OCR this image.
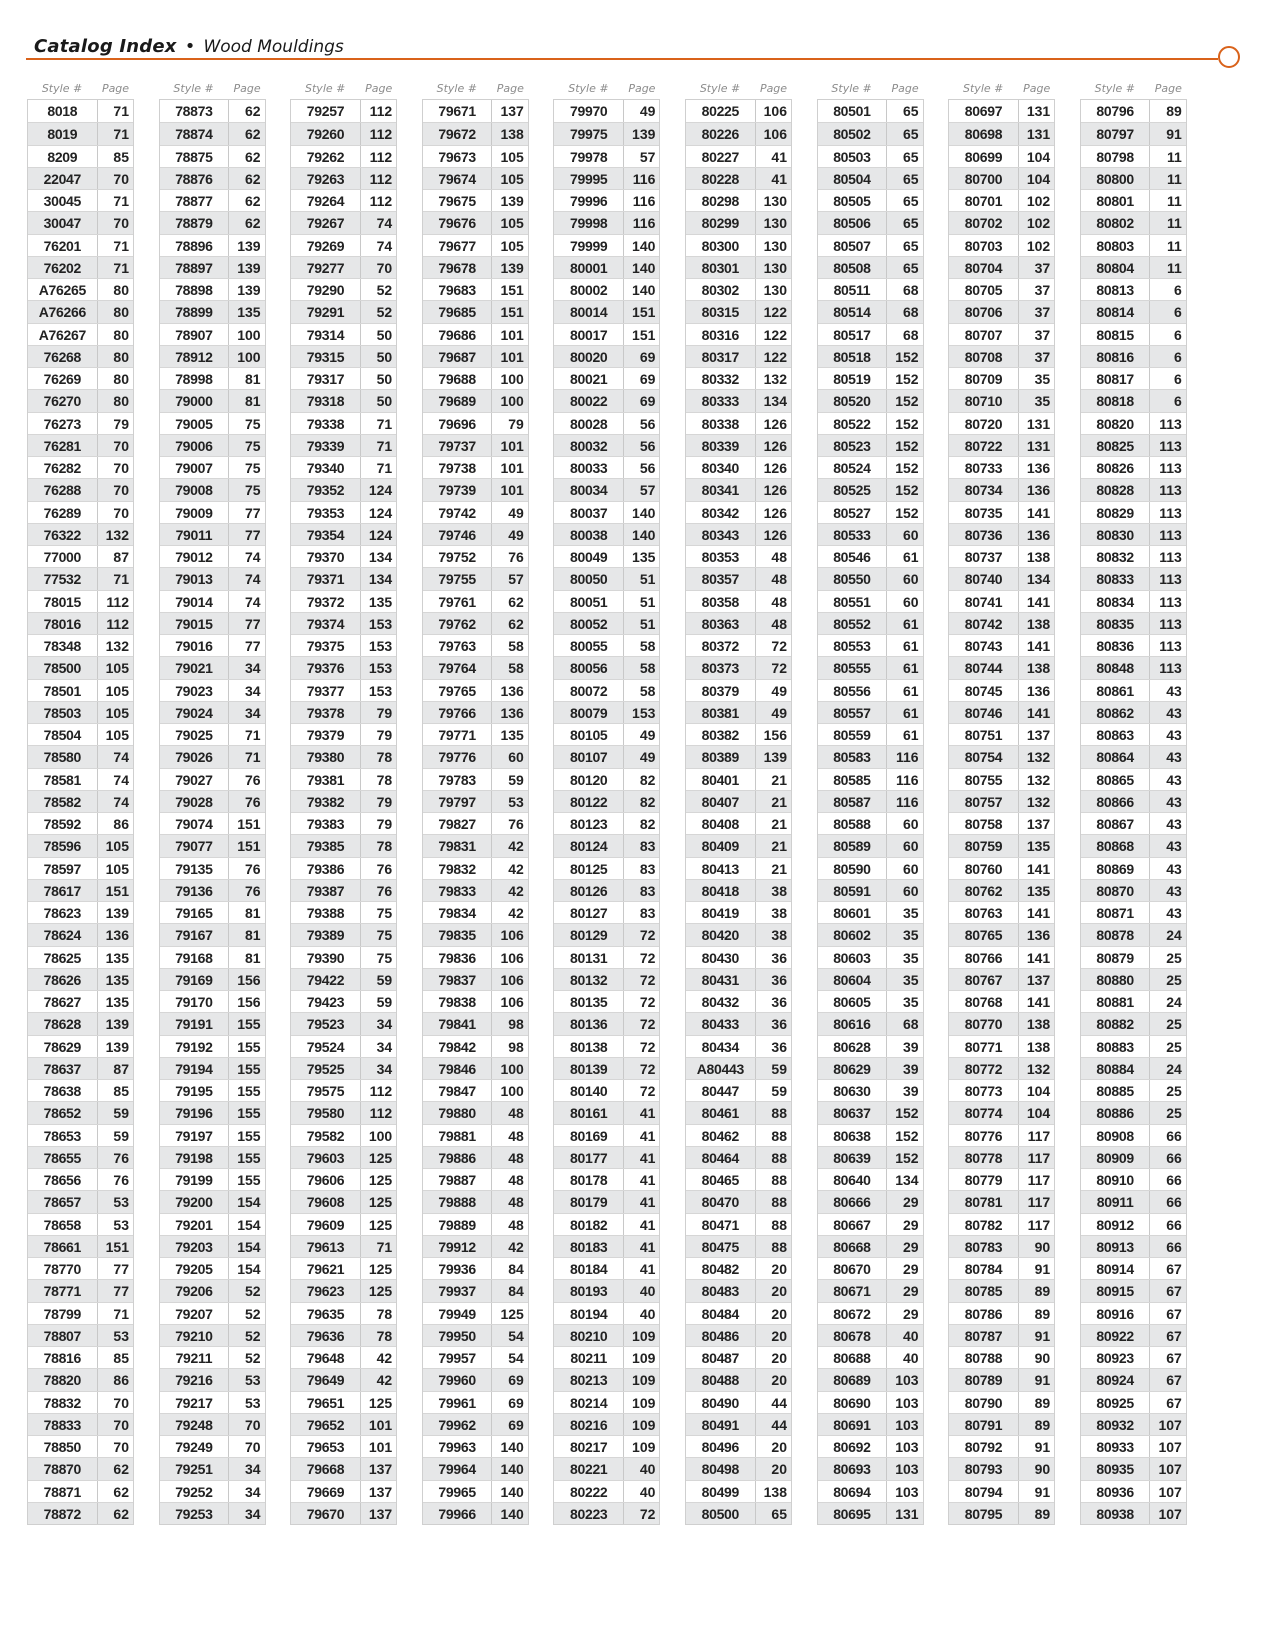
Catalog Index • Wood Mouldings
Style #	Page
8018	71
8019	71
8209	85
22047	70
30045	71
30047	70
76201	71
76202	71
A76265	80
A76266	80
A76267	80
76268	80
76269	80
76270	80
76273	79
76281	70
76282	70
76288	70
76289	70
76322	132
77000	87
77532	71
78015	112
78016	112
78348	132
78500	105
78501	105
78503	105
78504	105
78580	74
78581	74
78582	74
78592	86
78596	105
78597	105
78617	151
78623	139
78624	136
78625	135
78626	135
78627	135
78628	139
78629	139
78637	87
78638	85
78652	59
78653	59
78655	76
78656	76
78657	53
78658	53
78661	151
78770	77
78771	77
78799	71
78807	53
78816	85
78820	86
78832	70
78833	70
78850	70
78870	62
78871	62
78872	62
Style #	Page
78873	62
78874	62
78875	62
78876	62
78877	62
78879	62
78896	139
78897	139
78898	139
78899	135
78907	100
78912	100
78998	81
79000	81
79005	75
79006	75
79007	75
79008	75
79009	77
79011	77
79012	74
79013	74
79014	74
79015	77
79016	77
79021	34
79023	34
79024	34
79025	71
79026	71
79027	76
79028	76
79074	151
79077	151
79135	76
79136	76
79165	81
79167	81
79168	81
79169	156
79170	156
79191	155
79192	155
79194	155
79195	155
79196	155
79197	155
79198	155
79199	155
79200	154
79201	154
79203	154
79205	154
79206	52
79207	52
79210	52
79211	52
79216	53
79217	53
79248	70
79249	70
79251	34
79252	34
79253	34
Style #	Page
79257	112
79260	112
79262	112
79263	112
79264	112
79267	74
79269	74
79277	70
79290	52
79291	52
79314	50
79315	50
79317	50
79318	50
79338	71
79339	71
79340	71
79352	124
79353	124
79354	124
79370	134
79371	134
79372	135
79374	153
79375	153
79376	153
79377	153
79378	79
79379	79
79380	78
79381	78
79382	79
79383	79
79385	78
79386	76
79387	76
79388	75
79389	75
79390	75
79422	59
79423	59
79523	34
79524	34
79525	34
79575	112
79580	112
79582	100
79603	125
79606	125
79608	125
79609	125
79613	71
79621	125
79623	125
79635	78
79636	78
79648	42
79649	42
79651	125
79652	101
79653	101
79668	137
79669	137
79670	137
Style #	Page
79671	137
79672	138
79673	105
79674	105
79675	139
79676	105
79677	105
79678	139
79683	151
79685	151
79686	101
79687	101
79688	100
79689	100
79696	79
79737	101
79738	101
79739	101
79742	49
79746	49
79752	76
79755	57
79761	62
79762	62
79763	58
79764	58
79765	136
79766	136
79771	135
79776	60
79783	59
79797	53
79827	76
79831	42
79832	42
79833	42
79834	42
79835	106
79836	106
79837	106
79838	106
79841	98
79842	98
79846	100
79847	100
79880	48
79881	48
79886	48
79887	48
79888	48
79889	48
79912	42
79936	84
79937	84
79949	125
79950	54
79957	54
79960	69
79961	69
79962	69
79963	140
79964	140
79965	140
79966	140
Style #	Page
79970	49
79975	139
79978	57
79995	116
79996	116
79998	116
79999	140
80001	140
80002	140
80014	151
80017	151
80020	69
80021	69
80022	69
80028	56
80032	56
80033	56
80034	57
80037	140
80038	140
80049	135
80050	51
80051	51
80052	51
80055	58
80056	58
80072	58
80079	153
80105	49
80107	49
80120	82
80122	82
80123	82
80124	83
80125	83
80126	83
80127	83
80129	72
80131	72
80132	72
80135	72
80136	72
80138	72
80139	72
80140	72
80161	41
80169	41
80177	41
80178	41
80179	41
80182	41
80183	41
80184	41
80193	40
80194	40
80210	109
80211	109
80213	109
80214	109
80216	109
80217	109
80221	40
80222	40
80223	72
Style #	Page
80225	106
80226	106
80227	41
80228	41
80298	130
80299	130
80300	130
80301	130
80302	130
80315	122
80316	122
80317	122
80332	132
80333	134
80338	126
80339	126
80340	126
80341	126
80342	126
80343	126
80353	48
80357	48
80358	48
80363	48
80372	72
80373	72
80379	49
80381	49
80382	156
80389	139
80401	21
80407	21
80408	21
80409	21
80413	21
80418	38
80419	38
80420	38
80430	36
80431	36
80432	36
80433	36
80434	36
A80443	59
80447	59
80461	88
80462	88
80464	88
80465	88
80470	88
80471	88
80475	88
80482	20
80483	20
80484	20
80486	20
80487	20
80488	20
80490	44
80491	44
80496	20
80498	20
80499	138
80500	65
Style #	Page
80501	65
80502	65
80503	65
80504	65
80505	65
80506	65
80507	65
80508	65
80511	68
80514	68
80517	68
80518	152
80519	152
80520	152
80522	152
80523	152
80524	152
80525	152
80527	152
80533	60
80546	61
80550	60
80551	60
80552	61
80553	61
80555	61
80556	61
80557	61
80559	61
80583	116
80585	116
80587	116
80588	60
80589	60
80590	60
80591	60
80601	35
80602	35
80603	35
80604	35
80605	35
80616	68
80628	39
80629	39
80630	39
80637	152
80638	152
80639	152
80640	134
80666	29
80667	29
80668	29
80670	29
80671	29
80672	29
80678	40
80688	40
80689	103
80690	103
80691	103
80692	103
80693	103
80694	103
80695	131
Style #	Page
80697	131
80698	131
80699	104
80700	104
80701	102
80702	102
80703	102
80704	37
80705	37
80706	37
80707	37
80708	37
80709	35
80710	35
80720	131
80722	131
80733	136
80734	136
80735	141
80736	136
80737	138
80740	134
80741	141
80742	138
80743	141
80744	138
80745	136
80746	141
80751	137
80754	132
80755	132
80757	132
80758	137
80759	135
80760	141
80762	135
80763	141
80765	136
80766	141
80767	137
80768	141
80770	138
80771	138
80772	132
80773	104
80774	104
80776	117
80778	117
80779	117
80781	117
80782	117
80783	90
80784	91
80785	89
80786	89
80787	91
80788	90
80789	91
80790	89
80791	89
80792	91
80793	90
80794	91
80795	89
Style #	Page
80796	89
80797	91
80798	11
80800	11
80801	11
80802	11
80803	11
80804	11
80813	6
80814	6
80815	6
80816	6
80817	6
80818	6
80820	113
80825	113
80826	113
80828	113
80829	113
80830	113
80832	113
80833	113
80834	113
80835	113
80836	113
80848	113
80861	43
80862	43
80863	43
80864	43
80865	43
80866	43
80867	43
80868	43
80869	43
80870	43
80871	43
80878	24
80879	25
80880	25
80881	24
80882	25
80883	25
80884	24
80885	25
80886	25
80908	66
80909	66
80910	66
80911	66
80912	66
80913	66
80914	67
80915	67
80916	67
80922	67
80923	67
80924	67
80925	67
80932	107
80933	107
80935	107
80936	107
80938	107
